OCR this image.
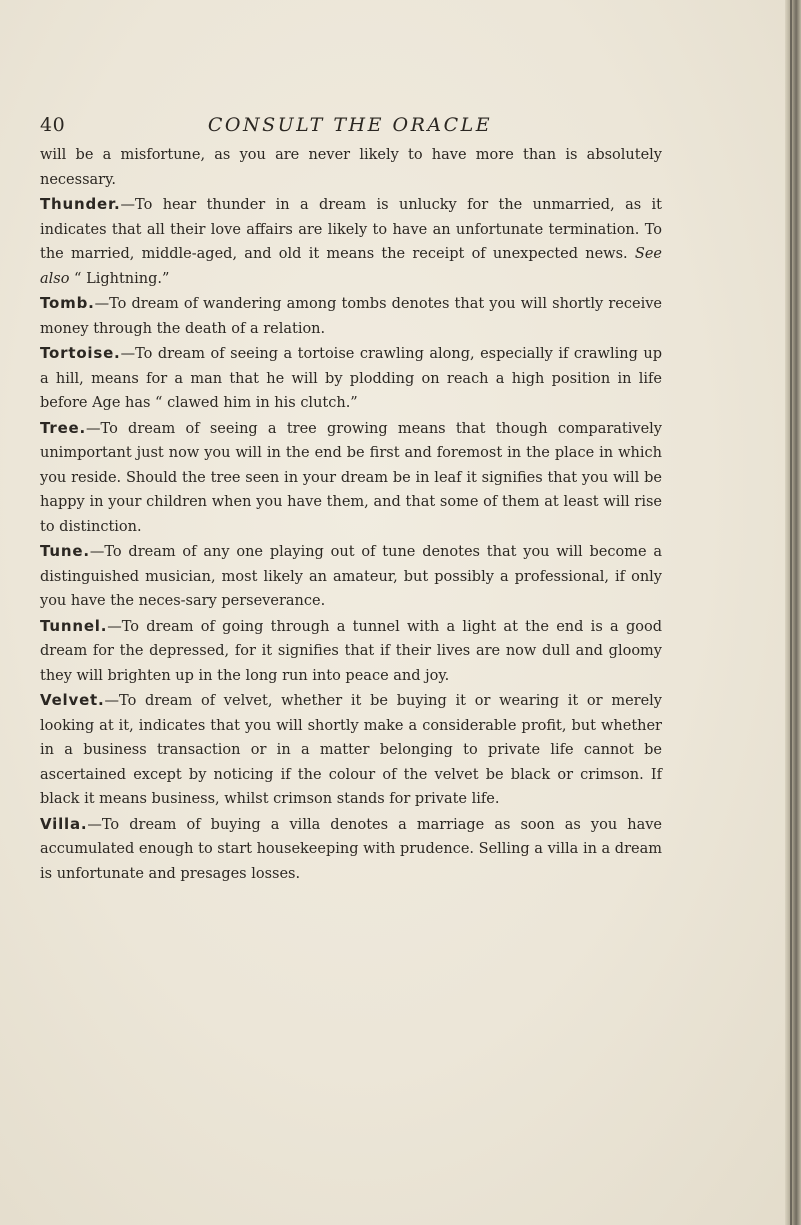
40	CONSULT THE ORACLE

will be a misfortune, as you are never likely to have more than is absolutely necessary.

Thunder.—To hear thunder in a dream is unlucky for the unmarried, as it indicates that all their love affairs are likely to have an unfortunate termination. To the married, middle-aged, and old it means the receipt of unexpected news. See also “ Lightning.”

Tomb.—To dream of wandering among tombs denotes that you will shortly receive money through the death of a relation.

Tortoise.—To dream of seeing a tortoise crawling along, especially if crawling up a hill, means for a man that he will by plodding on reach a high position in life before Age has “ clawed him in his clutch.”

Tree.—To dream of seeing a tree growing means that though comparatively unimportant just now you will in the end be first and foremost in the place in which you reside. Should the tree seen in your dream be in leaf it signifies that you will be happy in your children when you have them, and that some of them at least will rise to distinction.

Tune.—To dream of any one playing out of tune denotes that you will become a distinguished musician, most likely an amateur, but possibly a professional, if only you have the neces-sary perseverance.

Tunnel.—To dream of going through a tunnel with a light at the end is a good dream for the depressed, for it signifies that if their lives are now dull and gloomy they will brighten up in the long run into peace and joy.

Velvet.—To dream of velvet, whether it be buying it or wearing it or merely looking at it, indicates that you will shortly make a considerable profit, but whether in a business transaction or in a matter belonging to private life cannot be ascertained except by noticing if the colour of the velvet be black or crimson. If black it means business, whilst crimson stands for private life.

Villa.—To dream of buying a villa denotes a marriage as soon as you have accumulated enough to start housekeeping with prudence. Selling a villa in a dream is unfortunate and presages losses.
